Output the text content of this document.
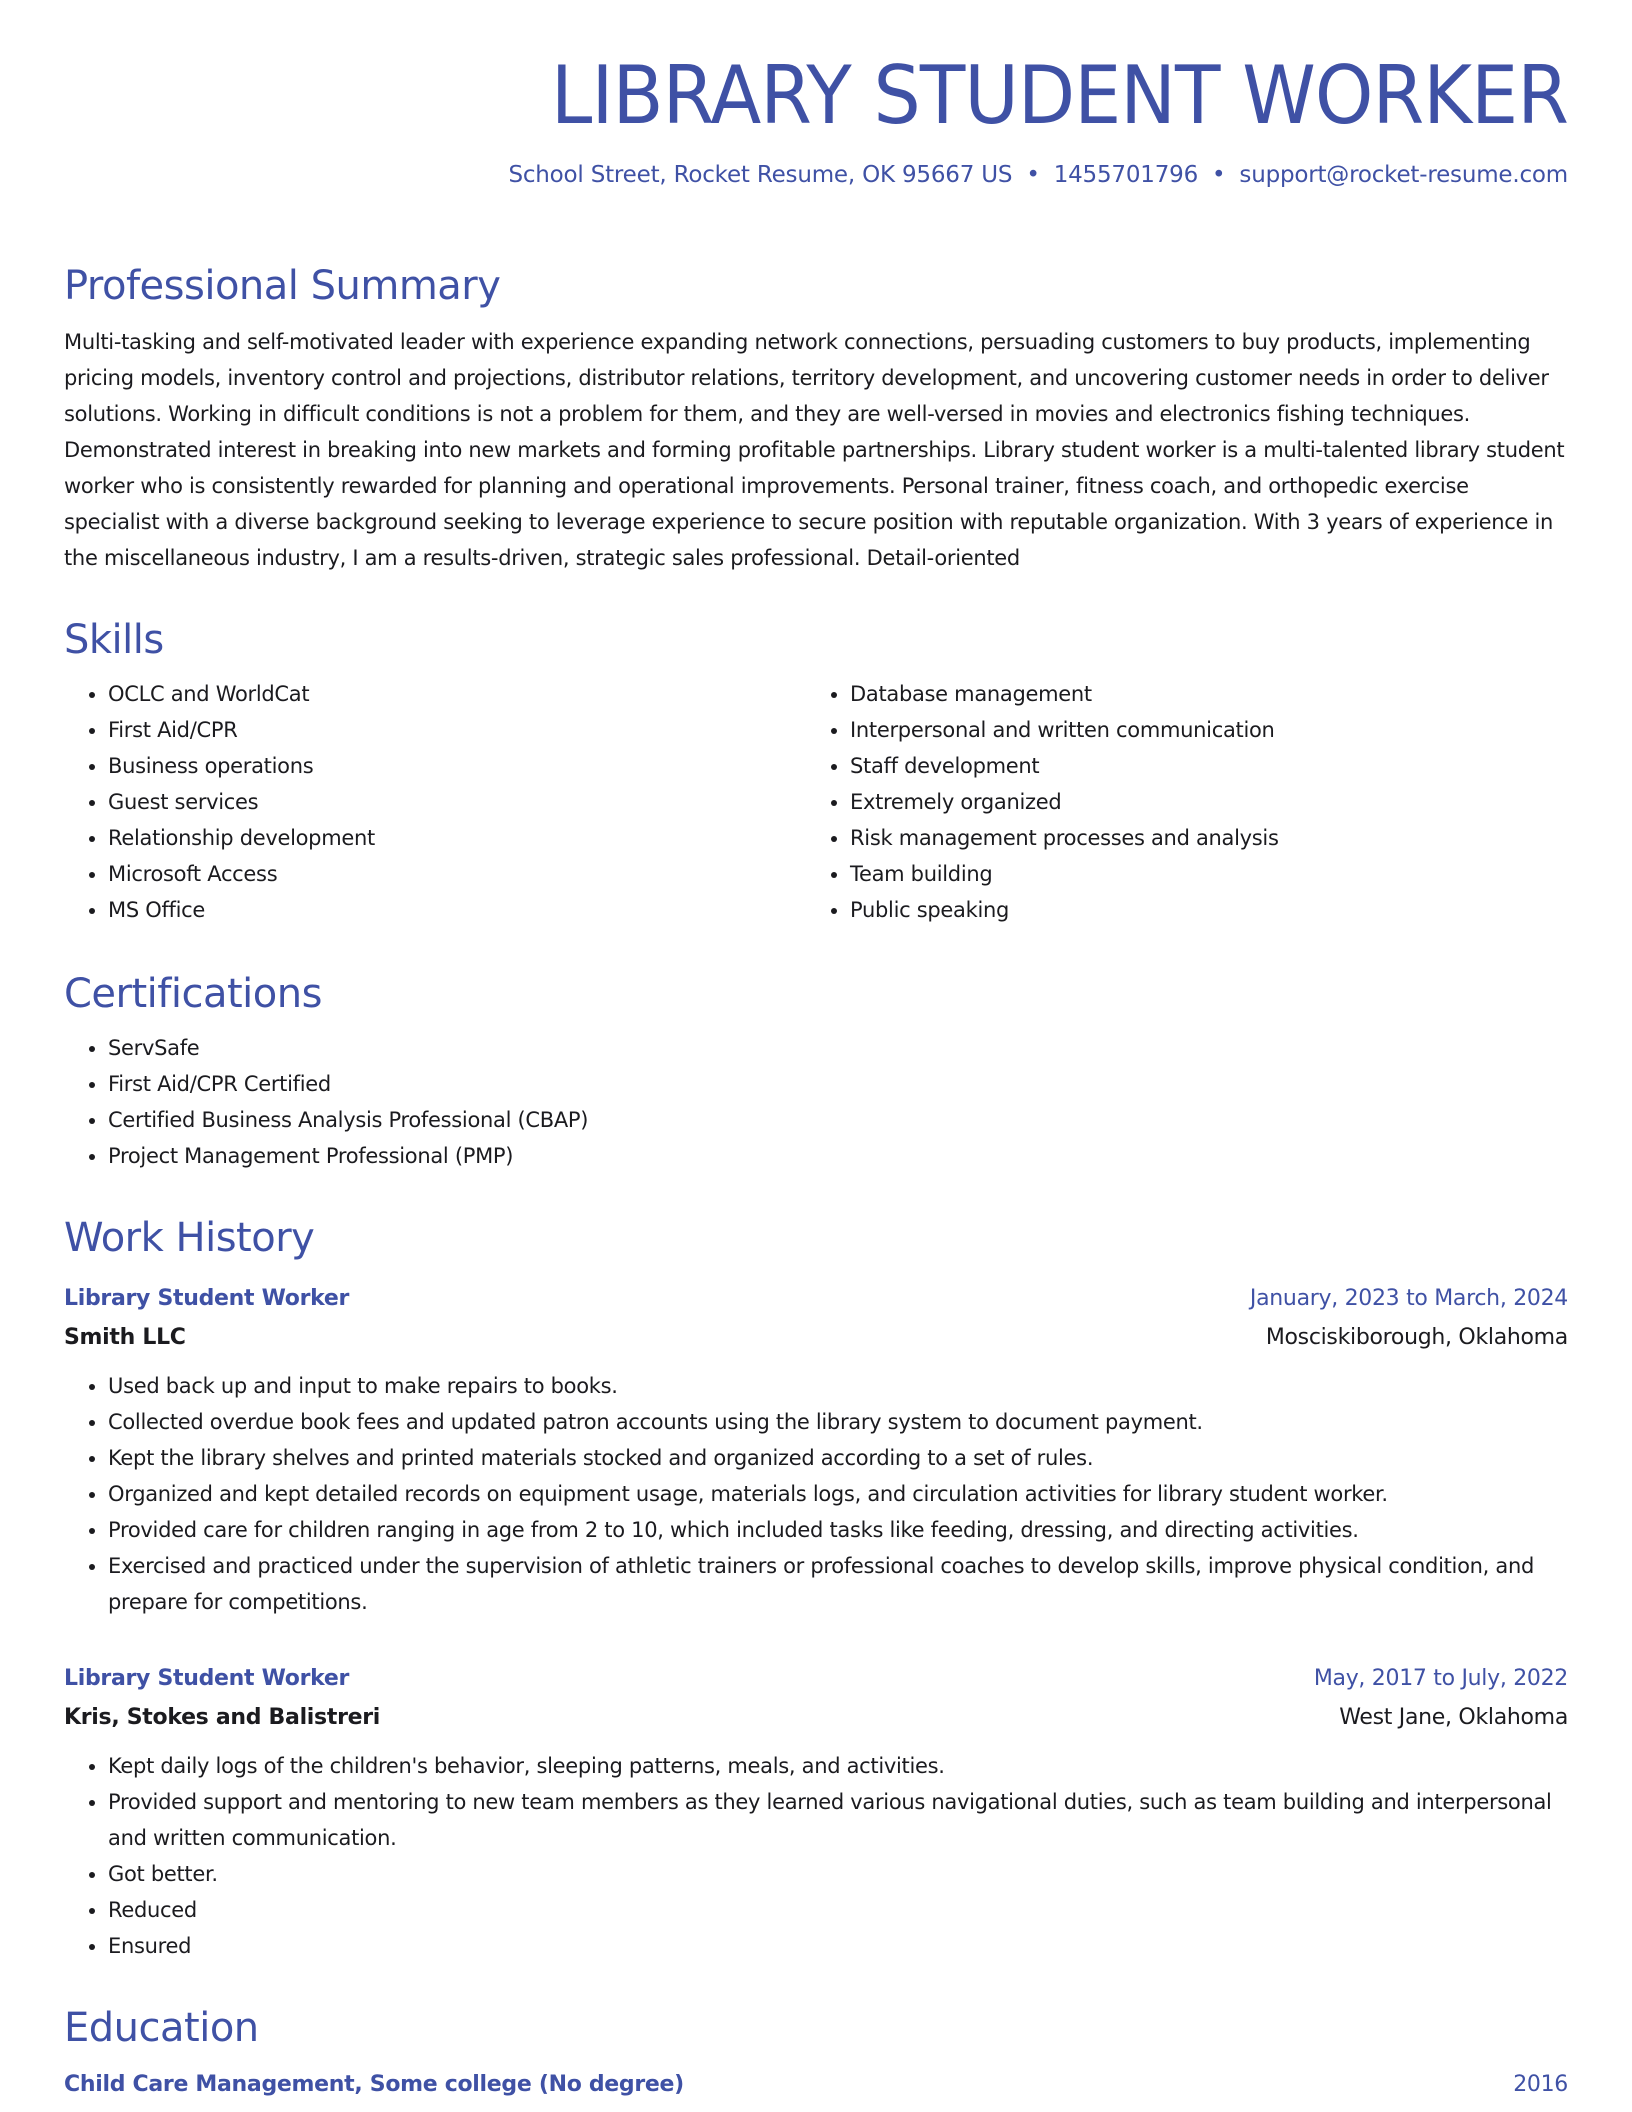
LIBRARY STUDENT WORKER
School Street, Rocket Resume, OK 95667 US • 1455701796 • support@rocket-resume.com
Professional Summary

Multi-tasking and self-motivated leader with experience expanding network connections, persuading customers to buy products, implementing pricing models, inventory control and projections, distributor relations, territory development, and uncovering customer needs in order to deliver solutions. Working in difficult conditions is not a problem for them, and they are well-versed in movies and electronics fishing techniques. Demonstrated interest in breaking into new markets and forming profitable partnerships. Library student worker is a multi-talented library student worker who is consistently rewarded for planning and operational improvements. Personal trainer, fitness coach, and orthopedic exercise specialist with a diverse background seeking to leverage experience to secure position with reputable organization. With 3 years of experience in the miscellaneous industry, I am a results-driven, strategic sales professional. Detail-oriented

Skills
• OCLC and WorldCat
• First Aid/CPR
• Business operations
• Guest services
• Relationship development
• Microsoft Access
• MS Office
• Database management
• Interpersonal and written communication
• Staff development
• Extremely organized
• Risk management processes and analysis
• Team building
• Public speaking
Certifications
• ServSafe
• First Aid/CPR Certified
• Certified Business Analysis Professional (CBAP)
• Project Management Professional (PMP)
Work History
Library Student Worker	January, 2023 to March, 2024
Smith LLC	Mosciskiborough, Oklahoma
• Used back up and input to make repairs to books.
• Collected overdue book fees and updated patron accounts using the library system to document payment.
• Kept the library shelves and printed materials stocked and organized according to a set of rules.
• Organized and kept detailed records on equipment usage, materials logs, and circulation activities for library student worker.
• Provided care for children ranging in age from 2 to 10, which included tasks like feeding, dressing, and directing activities.
• Exercised and practiced under the supervision of athletic trainers or professional coaches to develop skills, improve physical condition, and prepare for competitions.
Library Student Worker	May, 2017 to July, 2022
Kris, Stokes and Balistreri	West Jane, Oklahoma
• Kept daily logs of the children's behavior, sleeping patterns, meals, and activities.
• Provided support and mentoring to new team members as they learned various navigational duties, such as team building and interpersonal and written communication.
• Got better.
• Reduced
• Ensured
Education
Child Care Management, Some college (No degree)	2016
